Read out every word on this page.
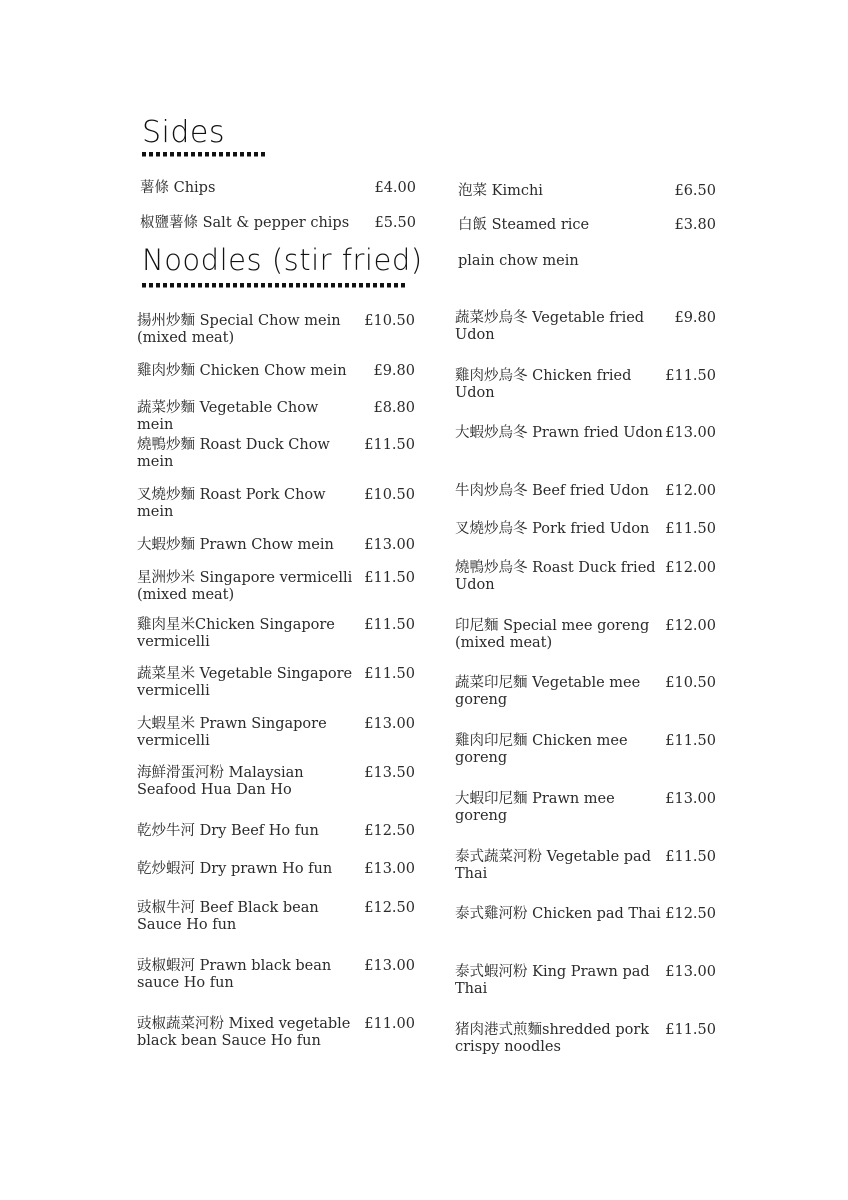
Sides
Noodles (stir fried)
薯條 Chips	£4.00
椒鹽薯條 Salt & pepper chips	£5.50
泡菜 Kimchi	£6.50
白飯 Steamed rice	£3.80
plain chow mein
揚州炒麵 Special Chow mein (mixed meat)
£10.50
雞肉炒麵 Chicken Chow mein	£9.80
蔬菜炒麵 Vegetable Chow mein
£8.80
燒鴨炒麵 Roast Duck Chow mein
£11.50
叉燒炒麵 Roast Pork Chow mein
£10.50
大蝦炒麵 Prawn Chow mein	£13.00
星洲炒米 Singapore vermicelli (mixed meat)
£11.50
雞肉星米Chicken Singapore vermicelli
£11.50
蔬菜星米 Vegetable Singapore vermicelli
£11.50
大蝦星米 Prawn Singapore vermicelli
£13.00
海鮮滑蛋河粉 Malaysian Seafood Hua Dan Ho
£13.50
乾炒牛河 Dry Beef Ho fun	£12.50
乾炒蝦河 Dry prawn Ho fun	£13.00
豉椒牛河 Beef Black bean Sauce Ho fun
£12.50
豉椒蝦河 Prawn black bean sauce Ho fun
£13.00
豉椒蔬菜河粉 Mixed vegetable black bean Sauce Ho fun
£11.00
蔬菜炒烏冬 Vegetable fried Udon
£9.80
雞肉炒烏冬 Chicken fried Udon
£11.50
大蝦炒烏冬 Prawn fried Udon £13.00
牛肉炒烏冬 Beef fried Udon	£12.00
叉燒炒烏冬 Pork fried Udon	£11.50
燒鴨炒烏冬 Roast Duck fried Udon
£12.00
印尼麵 Special mee goreng (mixed meat)
£12.00
蔬菜印尼麵 Vegetable mee goreng
£10.50
雞肉印尼麵 Chicken mee goreng
£11.50
大蝦印尼麵 Prawn mee goreng
£13.00
泰式蔬菜河粉 Vegetable pad Thai
£11.50
泰式雞河粉 Chicken pad Thai £12.50
泰式蝦河粉 King Prawn pad Thai
£13.00
猪肉港式煎麵shredded pork crispy noodles
£11.50
